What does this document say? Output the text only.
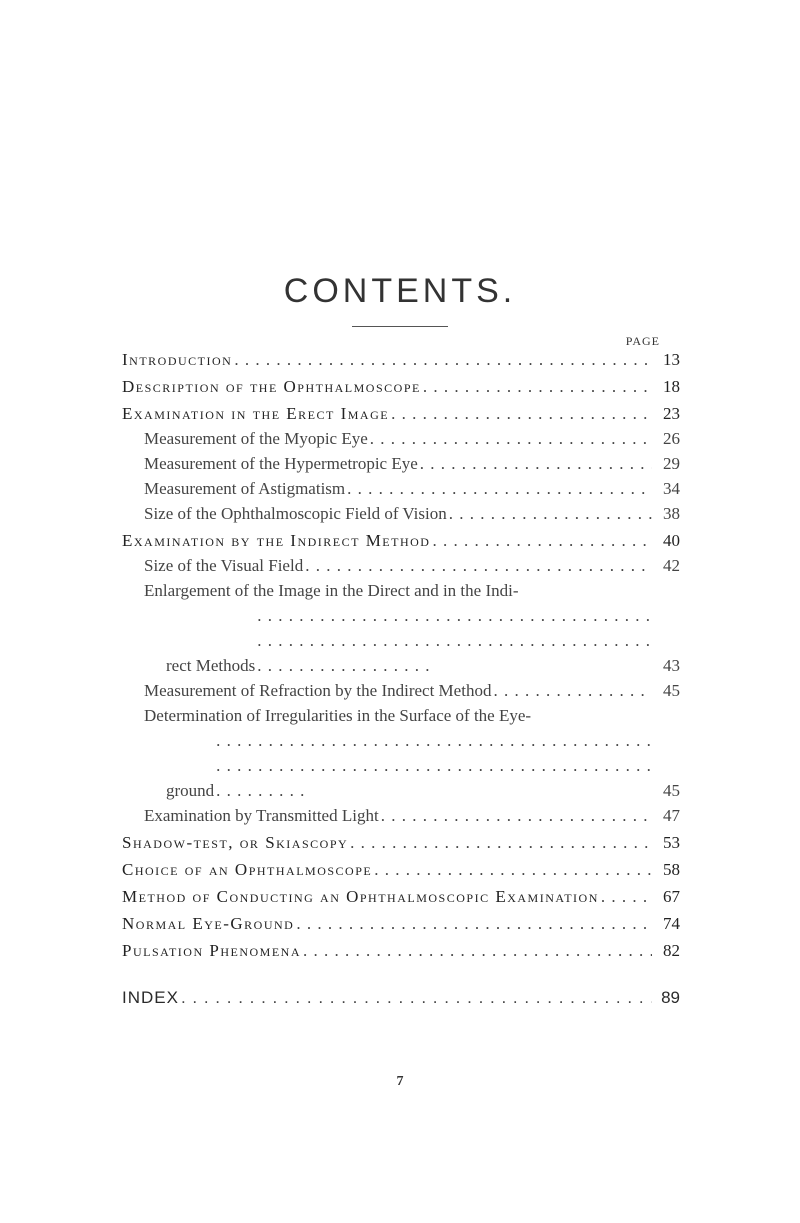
CONTENTS.
PAGE
Introduction . . .	13
Description of the Ophthalmoscope . . .	18
Examination in the Erect Image . . .	23
Measurement of the Myopic Eye . . .	26
Measurement of the Hypermetropic Eye . . .	29
Measurement of Astigmatism . . .	34
Size of the Ophthalmoscopic Field of Vision . . .	38
Examination by the Indirect Method . . .	40
Size of the Visual Field . . .	42
Enlargement of the Image in the Direct and in the Indi-
rect Methods . . .	43
Measurement of Refraction by the Indirect Method . . .	45
Determination of Irregularities in the Surface of the Eye-
ground . . .	45
Examination by Transmitted Light . . .	47
Shadow-test, or Skiascopy . . .	53
Choice of an Ophthalmoscope . . .	58
Method of Conducting an Ophthalmoscopic Examination . . .	67
Normal Eye-Ground . . .	74
Pulsation Phenomena . . .	82
INDEX . . .	89
7
